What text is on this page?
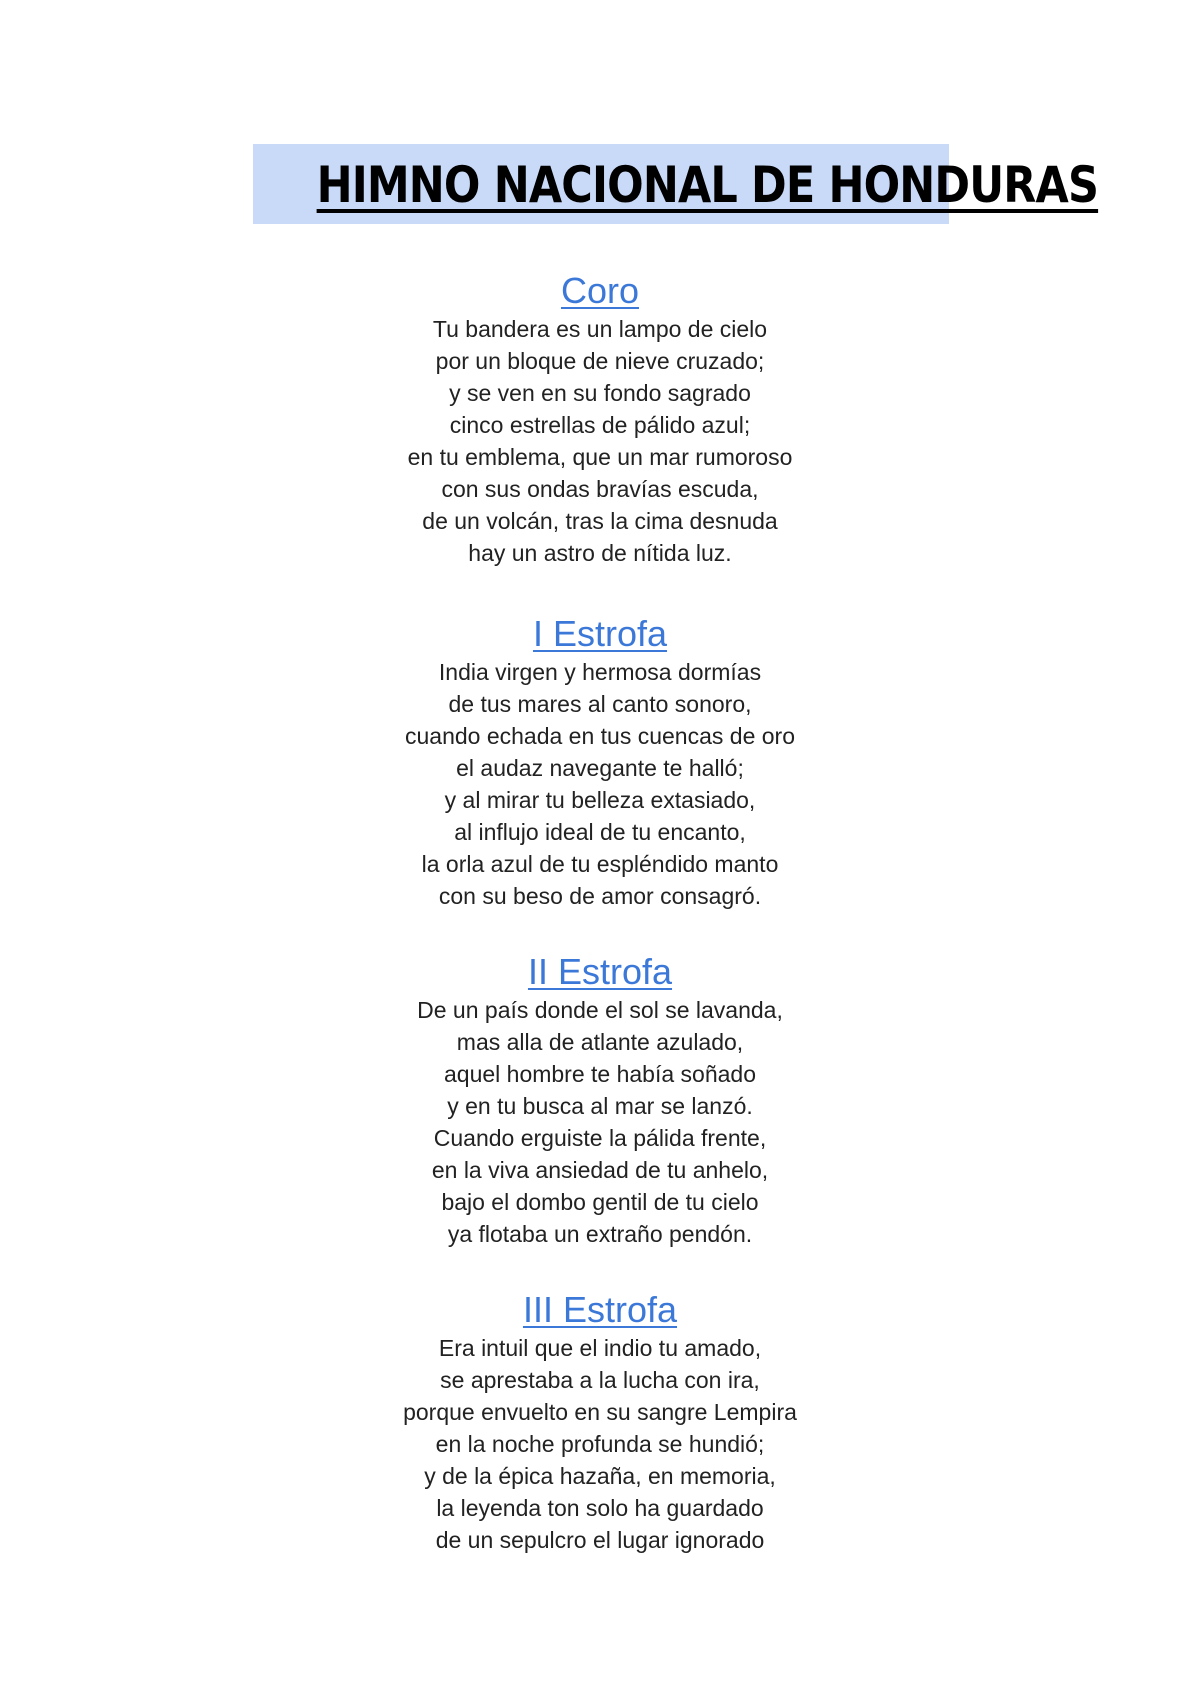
HIMNO NACIONAL DE HONDURAS
Coro

Tu bandera es un lampo de cielo
por un bloque de nieve cruzado;
y se ven en su fondo sagrado
cinco estrellas de pálido azul;
en tu emblema, que un mar rumoroso
con sus ondas bravías escuda,
de un volcán, tras la cima desnuda
hay un astro de nítida luz.

I Estrofa

India virgen y hermosa dormías
de tus mares al canto sonoro,
cuando echada en tus cuencas de oro
el audaz navegante te halló;
y al mirar tu belleza extasiado,
al influjo ideal de tu encanto,
la orla azul de tu espléndido manto
con su beso de amor consagró.

II Estrofa

De un país donde el sol se lavanda,
mas alla de atlante azulado,
aquel hombre te había soñado
y en tu busca al mar se lanzó.
Cuando erguiste la pálida frente,
en la viva ansiedad de tu anhelo,
bajo el dombo gentil de tu cielo
ya flotaba un extraño pendón.

III Estrofa

Era intuil que el indio tu amado,
se aprestaba a la lucha con ira,
porque envuelto en su sangre Lempira
en la noche profunda se hundió;
y de la épica hazaña, en memoria,
la leyenda ton solo ha guardado
de un sepulcro el lugar ignorado
